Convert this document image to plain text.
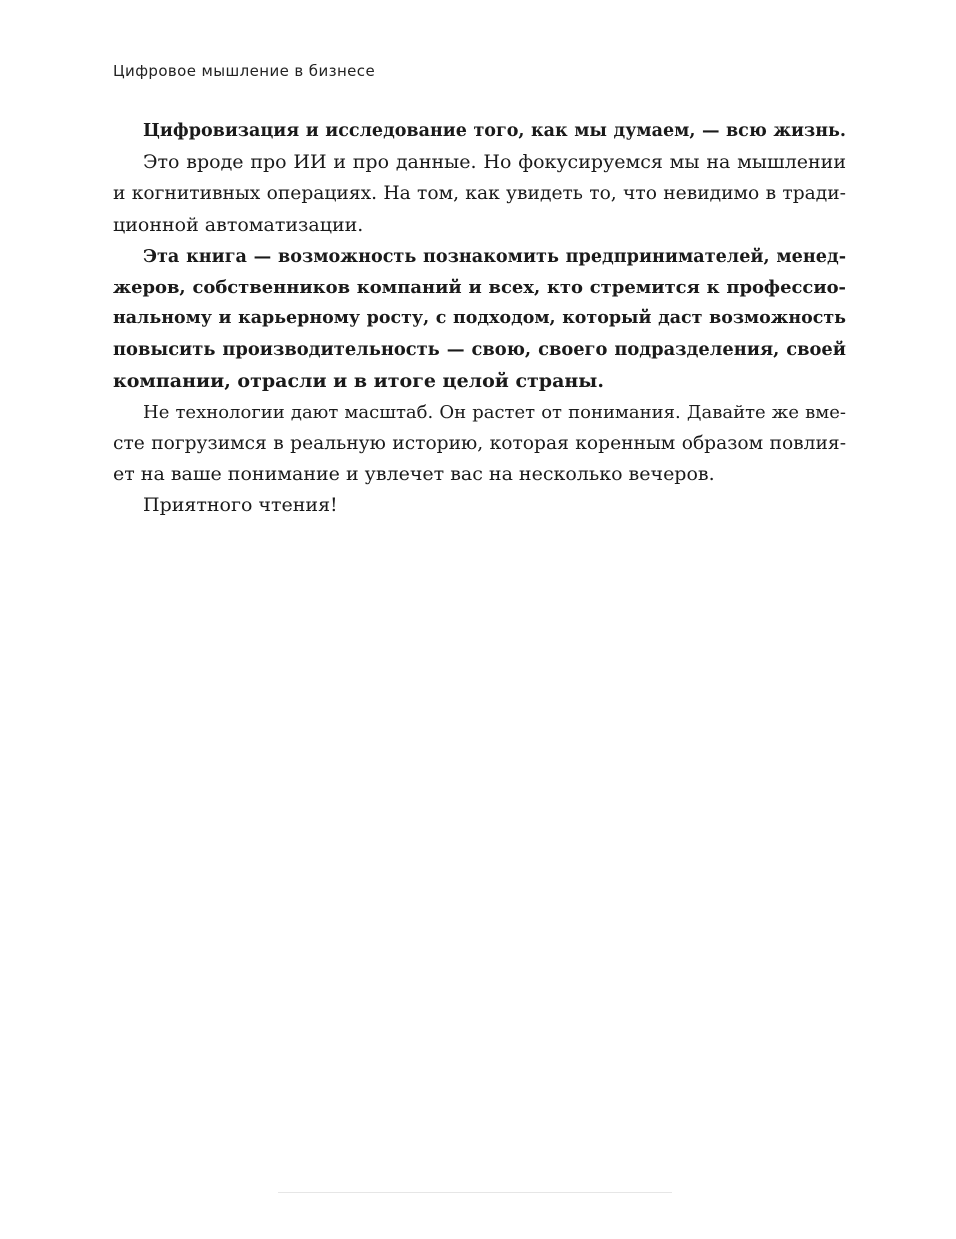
Цифровое мышление в бизнесе
Цифровизация и исследование того, как мы думаем, — всю жизнь.
Это вроде про ИИ и про данные. Но фокусируемся мы на мышлении
и когнитивных операциях. На том, как увидеть то, что невидимо в тради-
ционной автоматизации.
Эта книга — возможность познакомить предпринимателей, менед-
жеров, собственников компаний и всех, кто стремится к профессио-
нальному и карьерному росту, с подходом, который даст возможность
повысить производительность — свою, своего подразделения, своей
компании, отрасли и в итоге целой страны.
Не технологии дают масштаб. Он растет от понимания. Давайте же вме-
сте погрузимся в реальную историю, которая коренным образом повлия-
ет на ваше понимание и увлечет вас на несколько вечеров.
Приятного чтения!
